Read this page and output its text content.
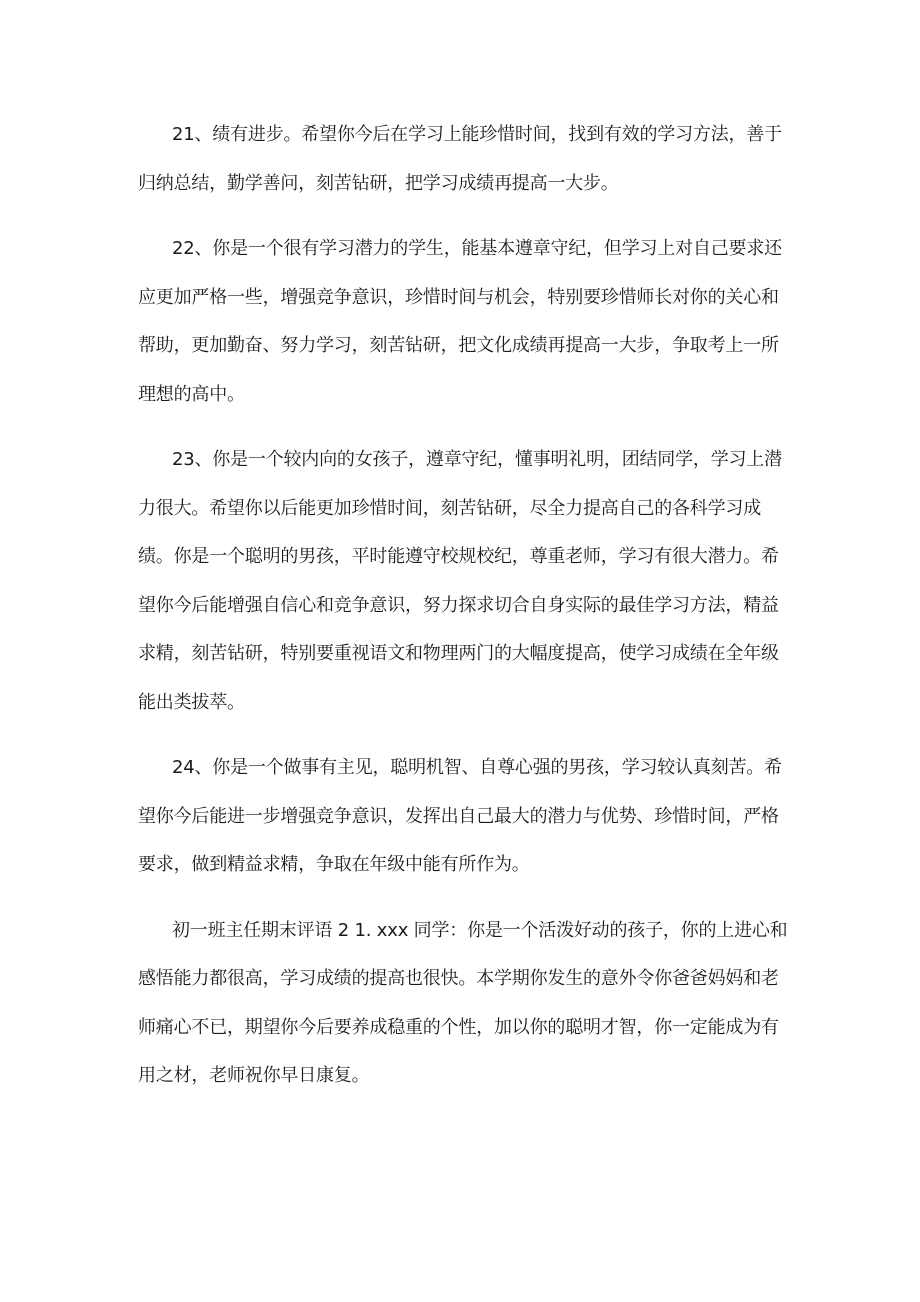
21、绩有进步。希望你今后在学习上能珍惜时间，找到有效的学习方法，善于归纳总结，勤学善问，刻苦钻研，把学习成绩再提高一大步。

22、你是一个很有学习潜力的学生，能基本遵章守纪，但学习上对自己要求还应更加严格一些，增强竞争意识，珍惜时间与机会，特别要珍惜师长对你的关心和帮助，更加勤奋、努力学习，刻苦钻研，把文化成绩再提高一大步，争取考上一所理想的高中。

23、你是一个较内向的女孩子，遵章守纪，懂事明礼明，团结同学，学习上潜力很大。希望你以后能更加珍惜时间，刻苦钻研，尽全力提高自己的各科学习成绩。你是一个聪明的男孩，平时能遵守校规校纪，尊重老师，学习有很大潜力。希望你今后能增强自信心和竞争意识，努力探求切合自身实际的最佳学习方法，精益求精，刻苦钻研，特别要重视语文和物理两门的大幅度提高，使学习成绩在全年级能出类拔萃。

24、你是一个做事有主见，聪明机智、自尊心强的男孩，学习较认真刻苦。希望你今后能进一步增强竞争意识，发挥出自己最大的潜力与优势、珍惜时间，严格要求，做到精益求精，争取在年级中能有所作为。

初一班主任期末评语 2 1. xxx 同学：你是一个活泼好动的孩子，你的上进心和感悟能力都很高，学习成绩的提高也很快。本学期你发生的意外令你爸爸妈妈和老师痛心不已，期望你今后要养成稳重的个性，加以你的聪明才智，你一定能成为有用之材，老师祝你早日康复。
